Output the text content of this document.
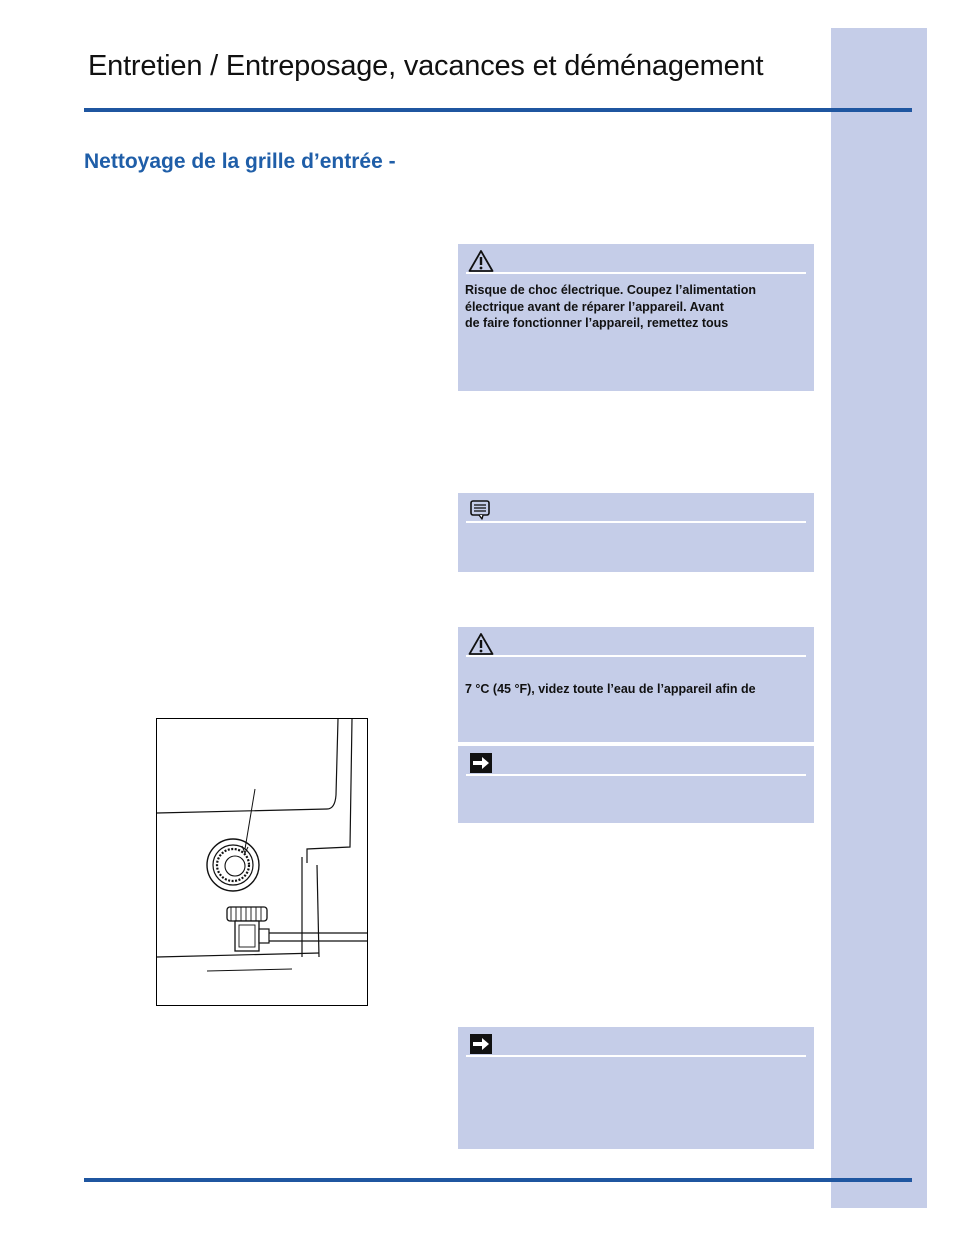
Entretien / Entreposage, vacances et déménagement
Nettoyage de la grille d’entrée -
Risque de choc électrique. Coupez l’alimentation
électrique avant de réparer l’appareil. Avant
de faire fonctionner l’appareil, remettez tous
7 °C (45 °F), videz toute l’eau de l’appareil afin de
